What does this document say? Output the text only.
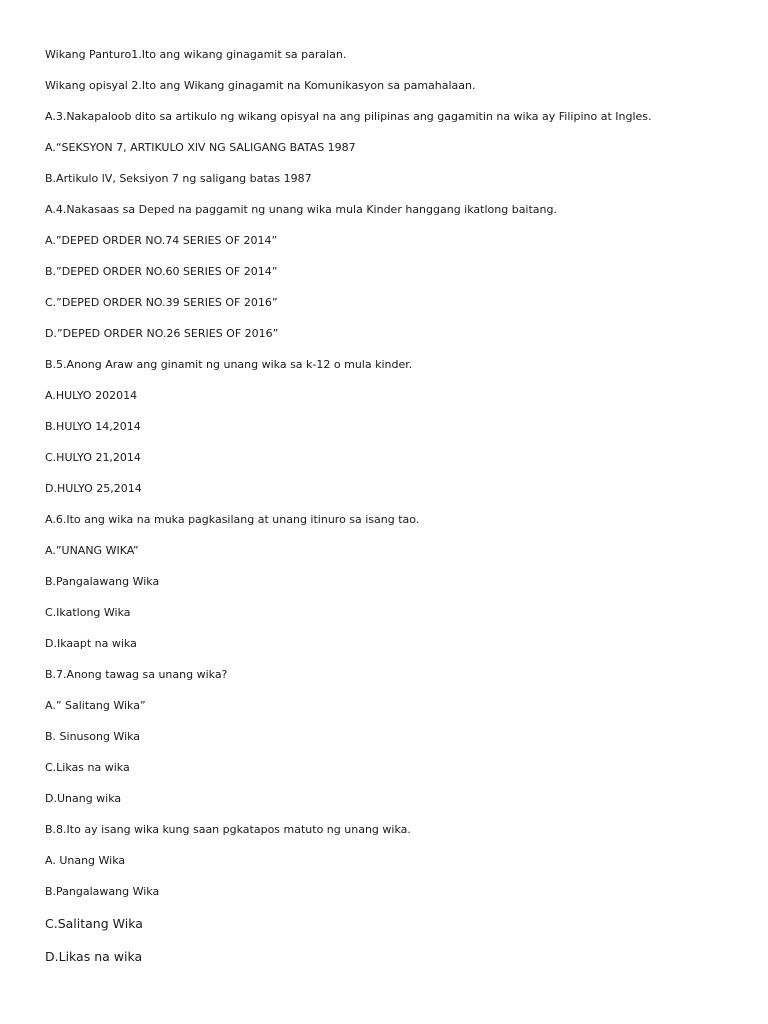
Wikang Panturo1.Ito ang wikang ginagamit sa paralan.
Wikang opisyal 2.Ito ang Wikang ginagamit na Komunikasyon sa pamahalaan.
A.3.Nakapaloob dito sa artikulo ng wikang opisyal na ang pilipinas ang gagamitin na wika ay Filipino at Ingles.
A.“SEKSYON 7, ARTIKULO XlV NG SALIGANG BATAS 1987
B.Artikulo lV, Seksiyon 7 ng saligang batas 1987
A.4.Nakasaas sa Deped na paggamit ng unang wika mula Kinder hanggang ikatlong baitang.
A.”DEPED ORDER NO.74 SERIES OF 2014”
B.”DEPED ORDER NO.60 SERIES OF 2014”
C.”DEPED ORDER NO.39 SERIES OF 2016”
D.”DEPED ORDER NO.26 SERIES OF 2016”
B.5.Anong Araw ang ginamit ng unang wika sa k-12 o mula kinder.
A.HULYO 202014
B.HULYO 14,2014
C.HULYO 21,2014
D.HULYO 25,2014
A.6.Ito ang wika na muka pagkasilang at unang itinuro sa isang tao.
A.”UNANG WIKA”
B.Pangalawang Wika
C.Ikatlong Wika
D.Ikaapt na wika
B.7.Anong tawag sa unang wika?
A.” Salitang Wika”
B. Sinusong Wika
C.Likas na wika
D.Unang wika
B.8.Ito ay isang wika kung saan pgkatapos matuto ng unang wika.
A. Unang Wika
B.Pangalawang Wika
C.Salitang Wika
D.Likas na wika
